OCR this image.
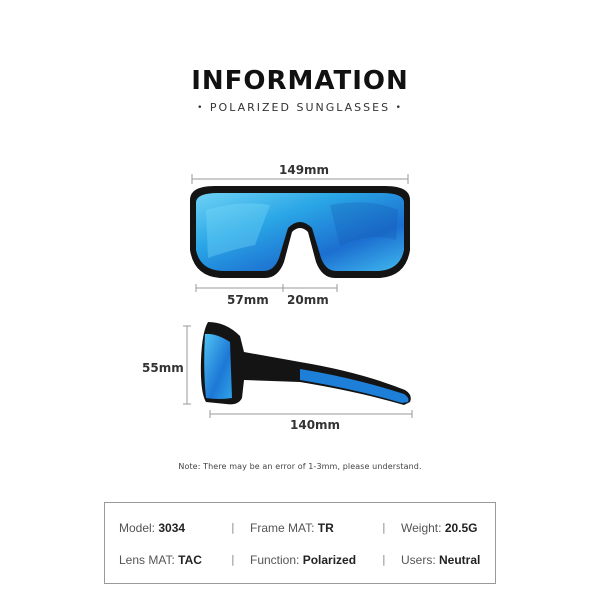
INFORMATION
• POLARIZED SUNGLASSES •
149mm
57mm 20mm
55mm
140mm
Note: There may be an error of 1-3mm, please understand.
Model: 3034	| Frame MAT: TR	| Weight: 20.5G
Lens MAT: TAC	| Function: Polarized | Users: Neutral
